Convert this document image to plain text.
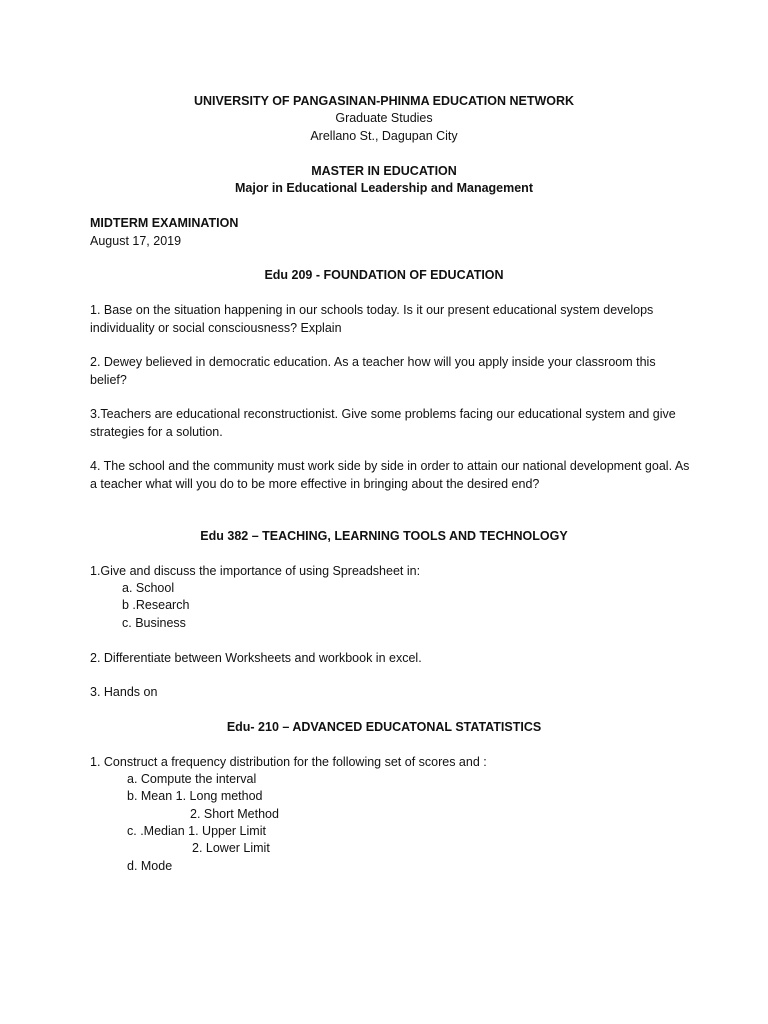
UNIVERSITY OF PANGASINAN-PHINMA EDUCATION NETWORK
Graduate Studies
Arellano St., Dagupan City
MASTER IN EDUCATION
Major in Educational Leadership and Management
MIDTERM EXAMINATION
August 17, 2019
Edu 209 - FOUNDATION OF EDUCATION
1. Base on the situation happening in our schools today. Is it our present educational system develops individuality or social consciousness? Explain
2. Dewey believed in democratic education. As a teacher how will you apply inside your classroom this belief?
3.Teachers are educational reconstructionist. Give some problems facing our educational system and give strategies for a solution.
4. The school and the community must work side by side in order to attain our national development goal. As a teacher what will you do to be more effective in bringing about the desired end?
Edu 382 – TEACHING, LEARNING TOOLS AND TECHNOLOGY
1.Give and discuss the importance of using Spreadsheet in:
a. School
b .Research
c. Business
2. Differentiate between Worksheets and workbook in excel.
3. Hands on
Edu- 210 – ADVANCED EDUCATONAL STATATISTICS
1. Construct a frequency distribution for the following set of scores and :
a. Compute the interval
b. Mean 1. Long method
2. Short Method
c. .Median 1. Upper Limit
2. Lower Limit
d. Mode
